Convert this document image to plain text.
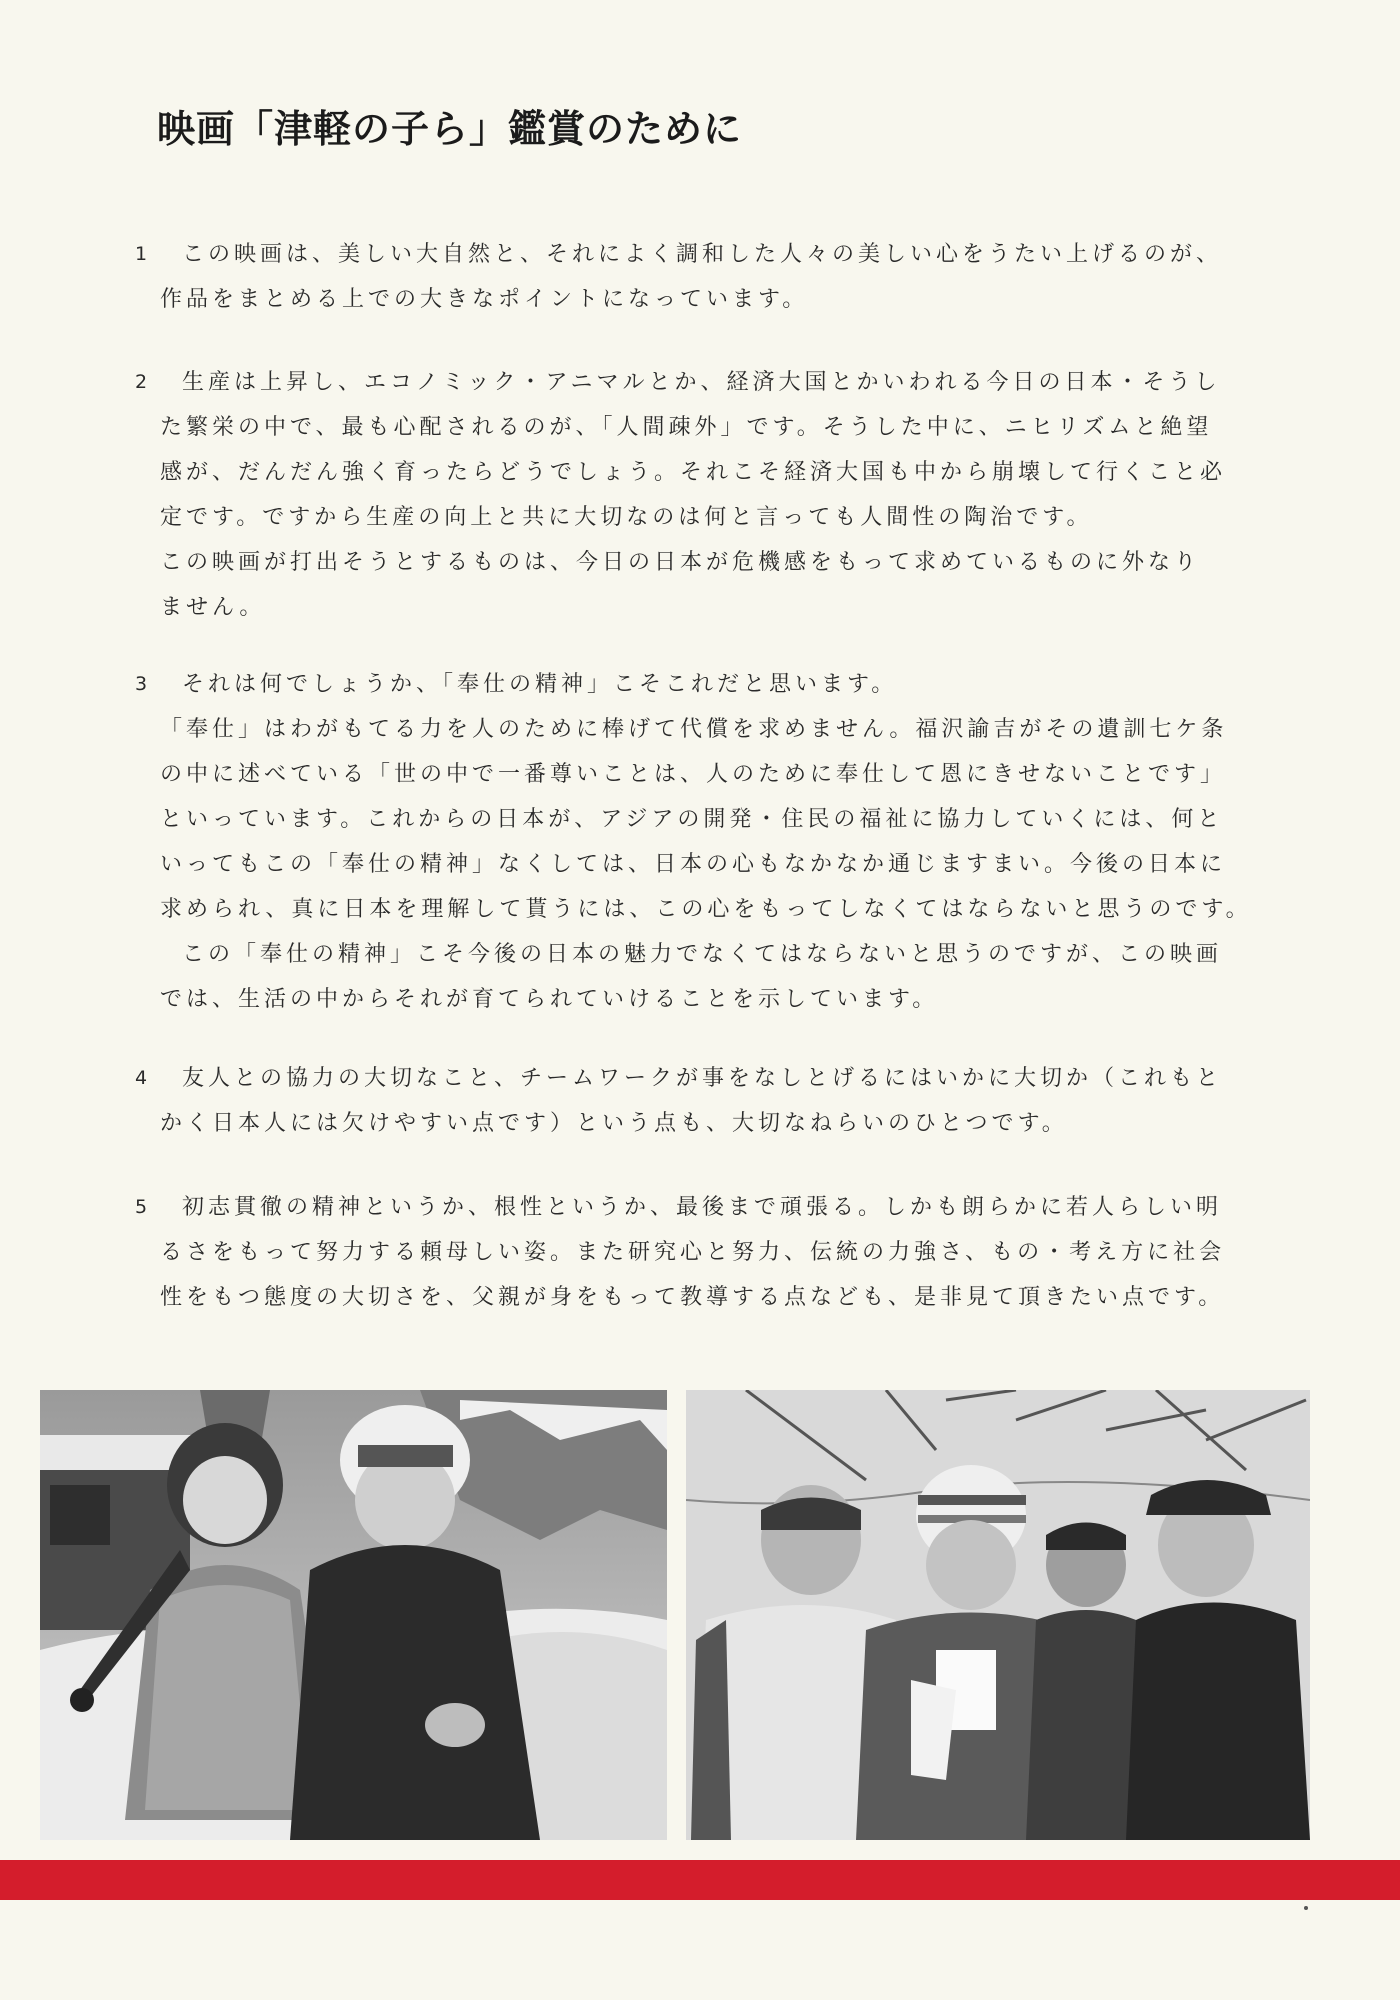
映画「津軽の子ら」鑑賞のために
1	この映画は、美しい大自然と、それによく調和した人々の美しい心をうたい上げるのが、

作品をまとめる上での大きなポイントになっています。

2	生産は上昇し、エコノミック・アニマルとか、経済大国とかいわれる今日の日本・そうし

た繁栄の中で、最も心配されるのが、「人間疎外」です。そうした中に、ニヒリズムと絶望

感が、だんだん強く育ったらどうでしょう。それこそ経済大国も中から崩壊して行くこと必

定です。ですから生産の向上と共に大切なのは何と言っても人間性の陶治です。

この映画が打出そうとするものは、今日の日本が危機感をもって求めているものに外なり

ません。

3	それは何でしょうか、「奉仕の精神」こそこれだと思います。

「奉仕」はわがもてる力を人のために棒げて代償を求めません。福沢諭吉がその遺訓七ケ条

の中に述べている「世の中で一番尊いことは、人のために奉仕して恩にきせないことです」

といっています。これからの日本が、アジアの開発・住民の福祉に協力していくには、何と

いってもこの「奉仕の精神」なくしては、日本の心もなかなか通じますまい。今後の日本に

求められ、真に日本を理解して貰うには、この心をもってしなくてはならないと思うのです。

この「奉仕の精神」こそ今後の日本の魅力でなくてはならないと思うのですが、この映画

では、生活の中からそれが育てられていけることを示しています。

4	友人との協力の大切なこと、チームワークが事をなしとげるにはいかに大切か（これもと

かく日本人には欠けやすい点です）という点も、大切なねらいのひとつです。

5	初志貫徹の精神というか、根性というか、最後まで頑張る。しかも朗らかに若人らしい明

るさをもって努力する頼母しい姿。また研究心と努力、伝統の力強さ、もの・考え方に社会

性をもつ態度の大切さを、父親が身をもって教導する点なども、是非見て頂きたい点です。
